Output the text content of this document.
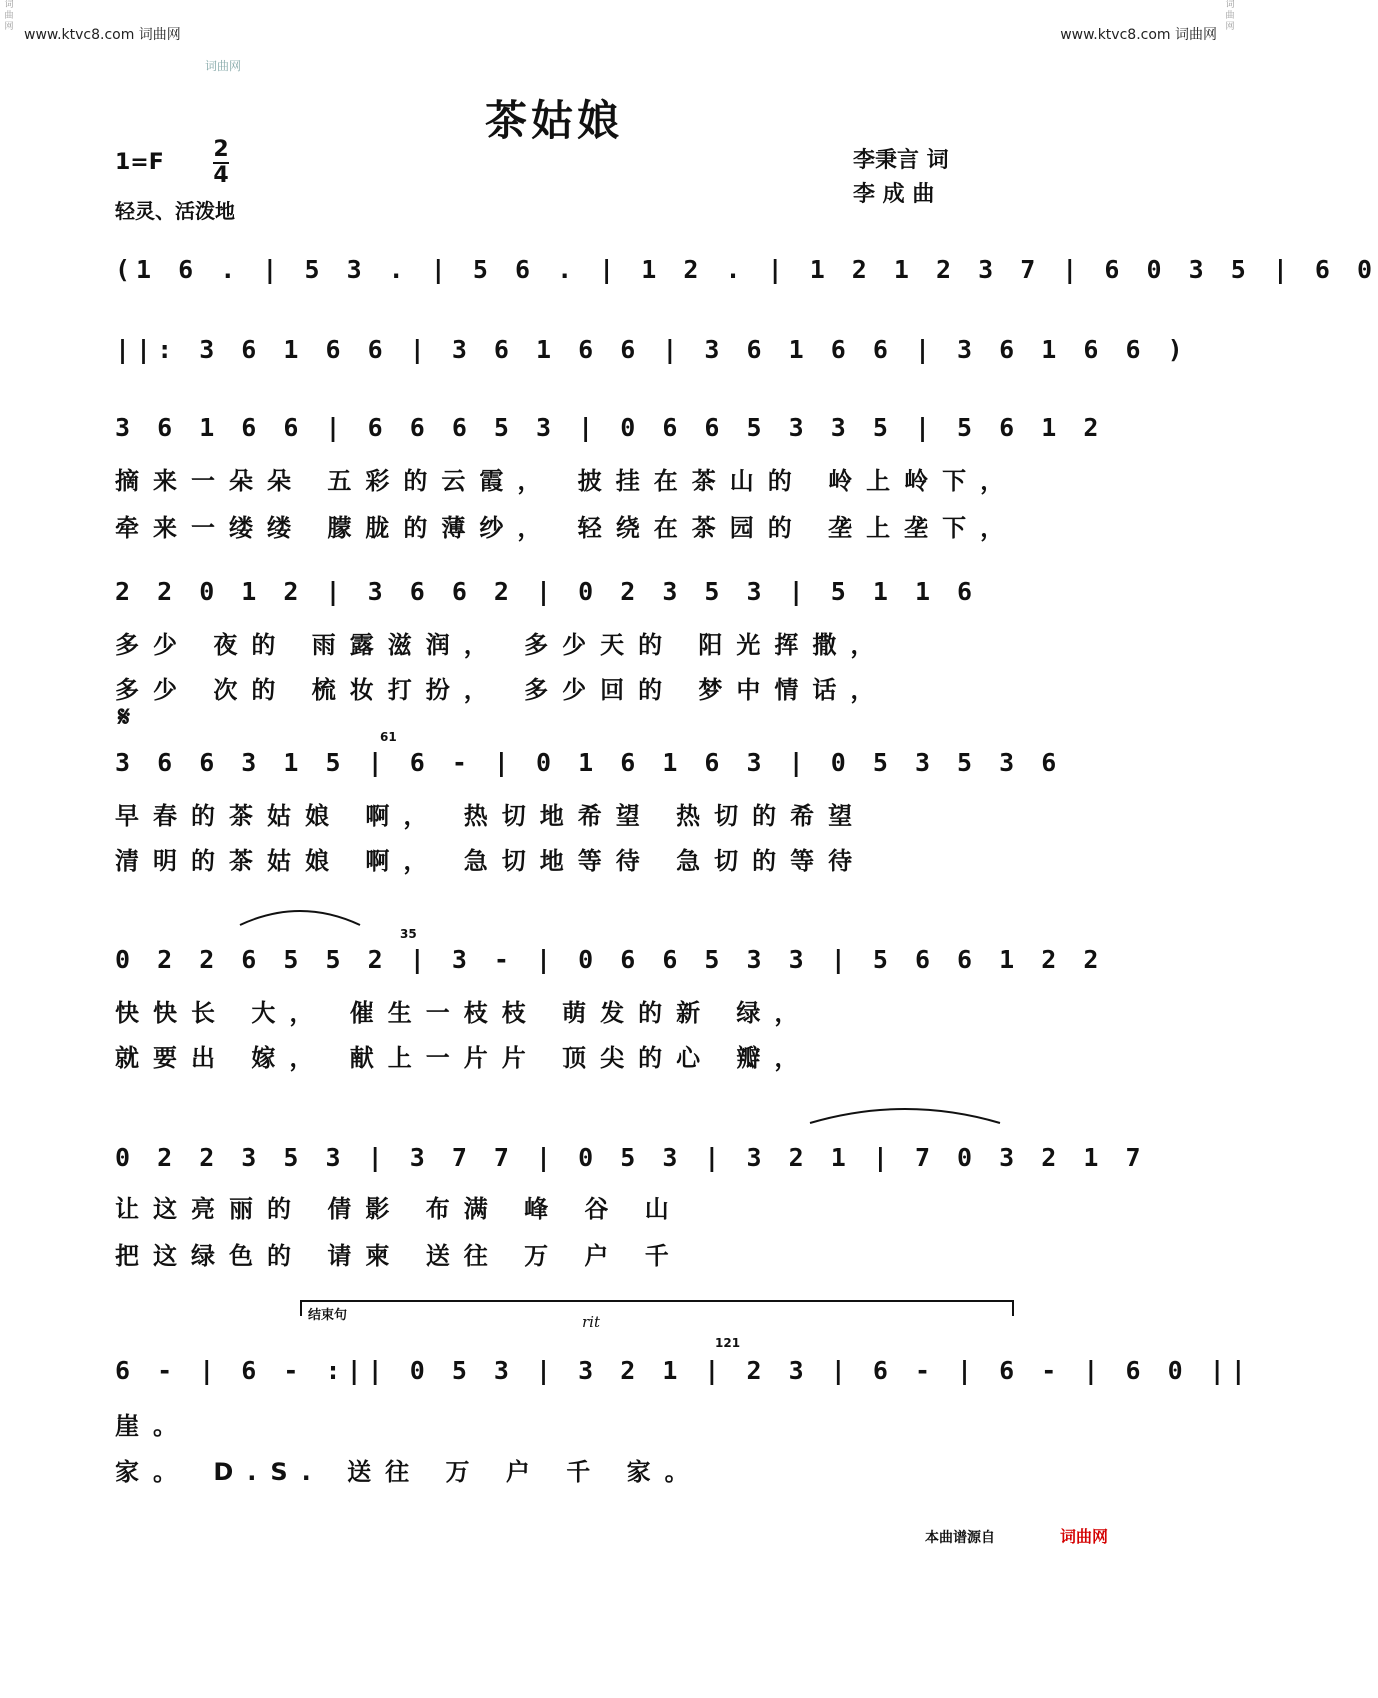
词曲网
词曲网
www.ktvc8.com 词曲网	www.ktvc8.com 词曲网
词曲网
茶姑娘
1=F
2
4
轻灵、活泼地
李秉言 词
李 成 曲
(1 6 . | 5 3 . | 5 6 . | 1 2 . | 1 2 1 2 3 7 | 6 0 3 5 | 6 0
||: 3 6 1 6 6 | 3 6 1 6 6 | 3 6 1 6 6 | 3 6 1 6 6 )
3 6 1 6 6 | 6 6 6 5 3 | 0 6 6 5 3 3 5 | 5 6 1 2
摘来一朵朵 五彩的云霞， 披挂在茶山的 岭上岭下，
牵来一缕缕 朦胧的薄纱， 轻绕在茶园的 垄上垄下，
2 2 0 1 2 | 3 6 6 2 | 0 2 3 5 3 | 5 1 1 6
多少 夜的 雨露滋润， 多少天的 阳光挥撒，
多少 次的 梳妆打扮， 多少回的 梦中情话，
𝄋
3 6 6 3 1 5 | 6 - | 0 1 6 1 6 3 | 0 5 3 5 3 6
61
早春的茶姑娘 啊， 热切地希望 热切的希望
清明的茶姑娘 啊， 急切地等待 急切的等待
0 2 2 6 5 5 2 | 3 - | 0 6 6 5 3 3 | 5 6 6 1 2 2
35
快快长 大， 催生一枝枝 萌发的新 绿，
就要出 嫁， 献上一片片 顶尖的心 瓣，
0 2 2 3 5 3 | 3 7 7 | 0 5 3 | 3 2 1 | 7 0 3 2 1 7
让这亮丽的 倩影 布满 峰 谷 山
把这绿色的 请柬 送往 万 户 千
结束句	rit
6 - | 6 - :|| 0 5 3 | 3 2 1 | 2 3 | 6 - | 6 - | 6 0 ||
121
崖。
家。 D.S. 送往 万 户 千 家。
本曲谱源自	词曲网
